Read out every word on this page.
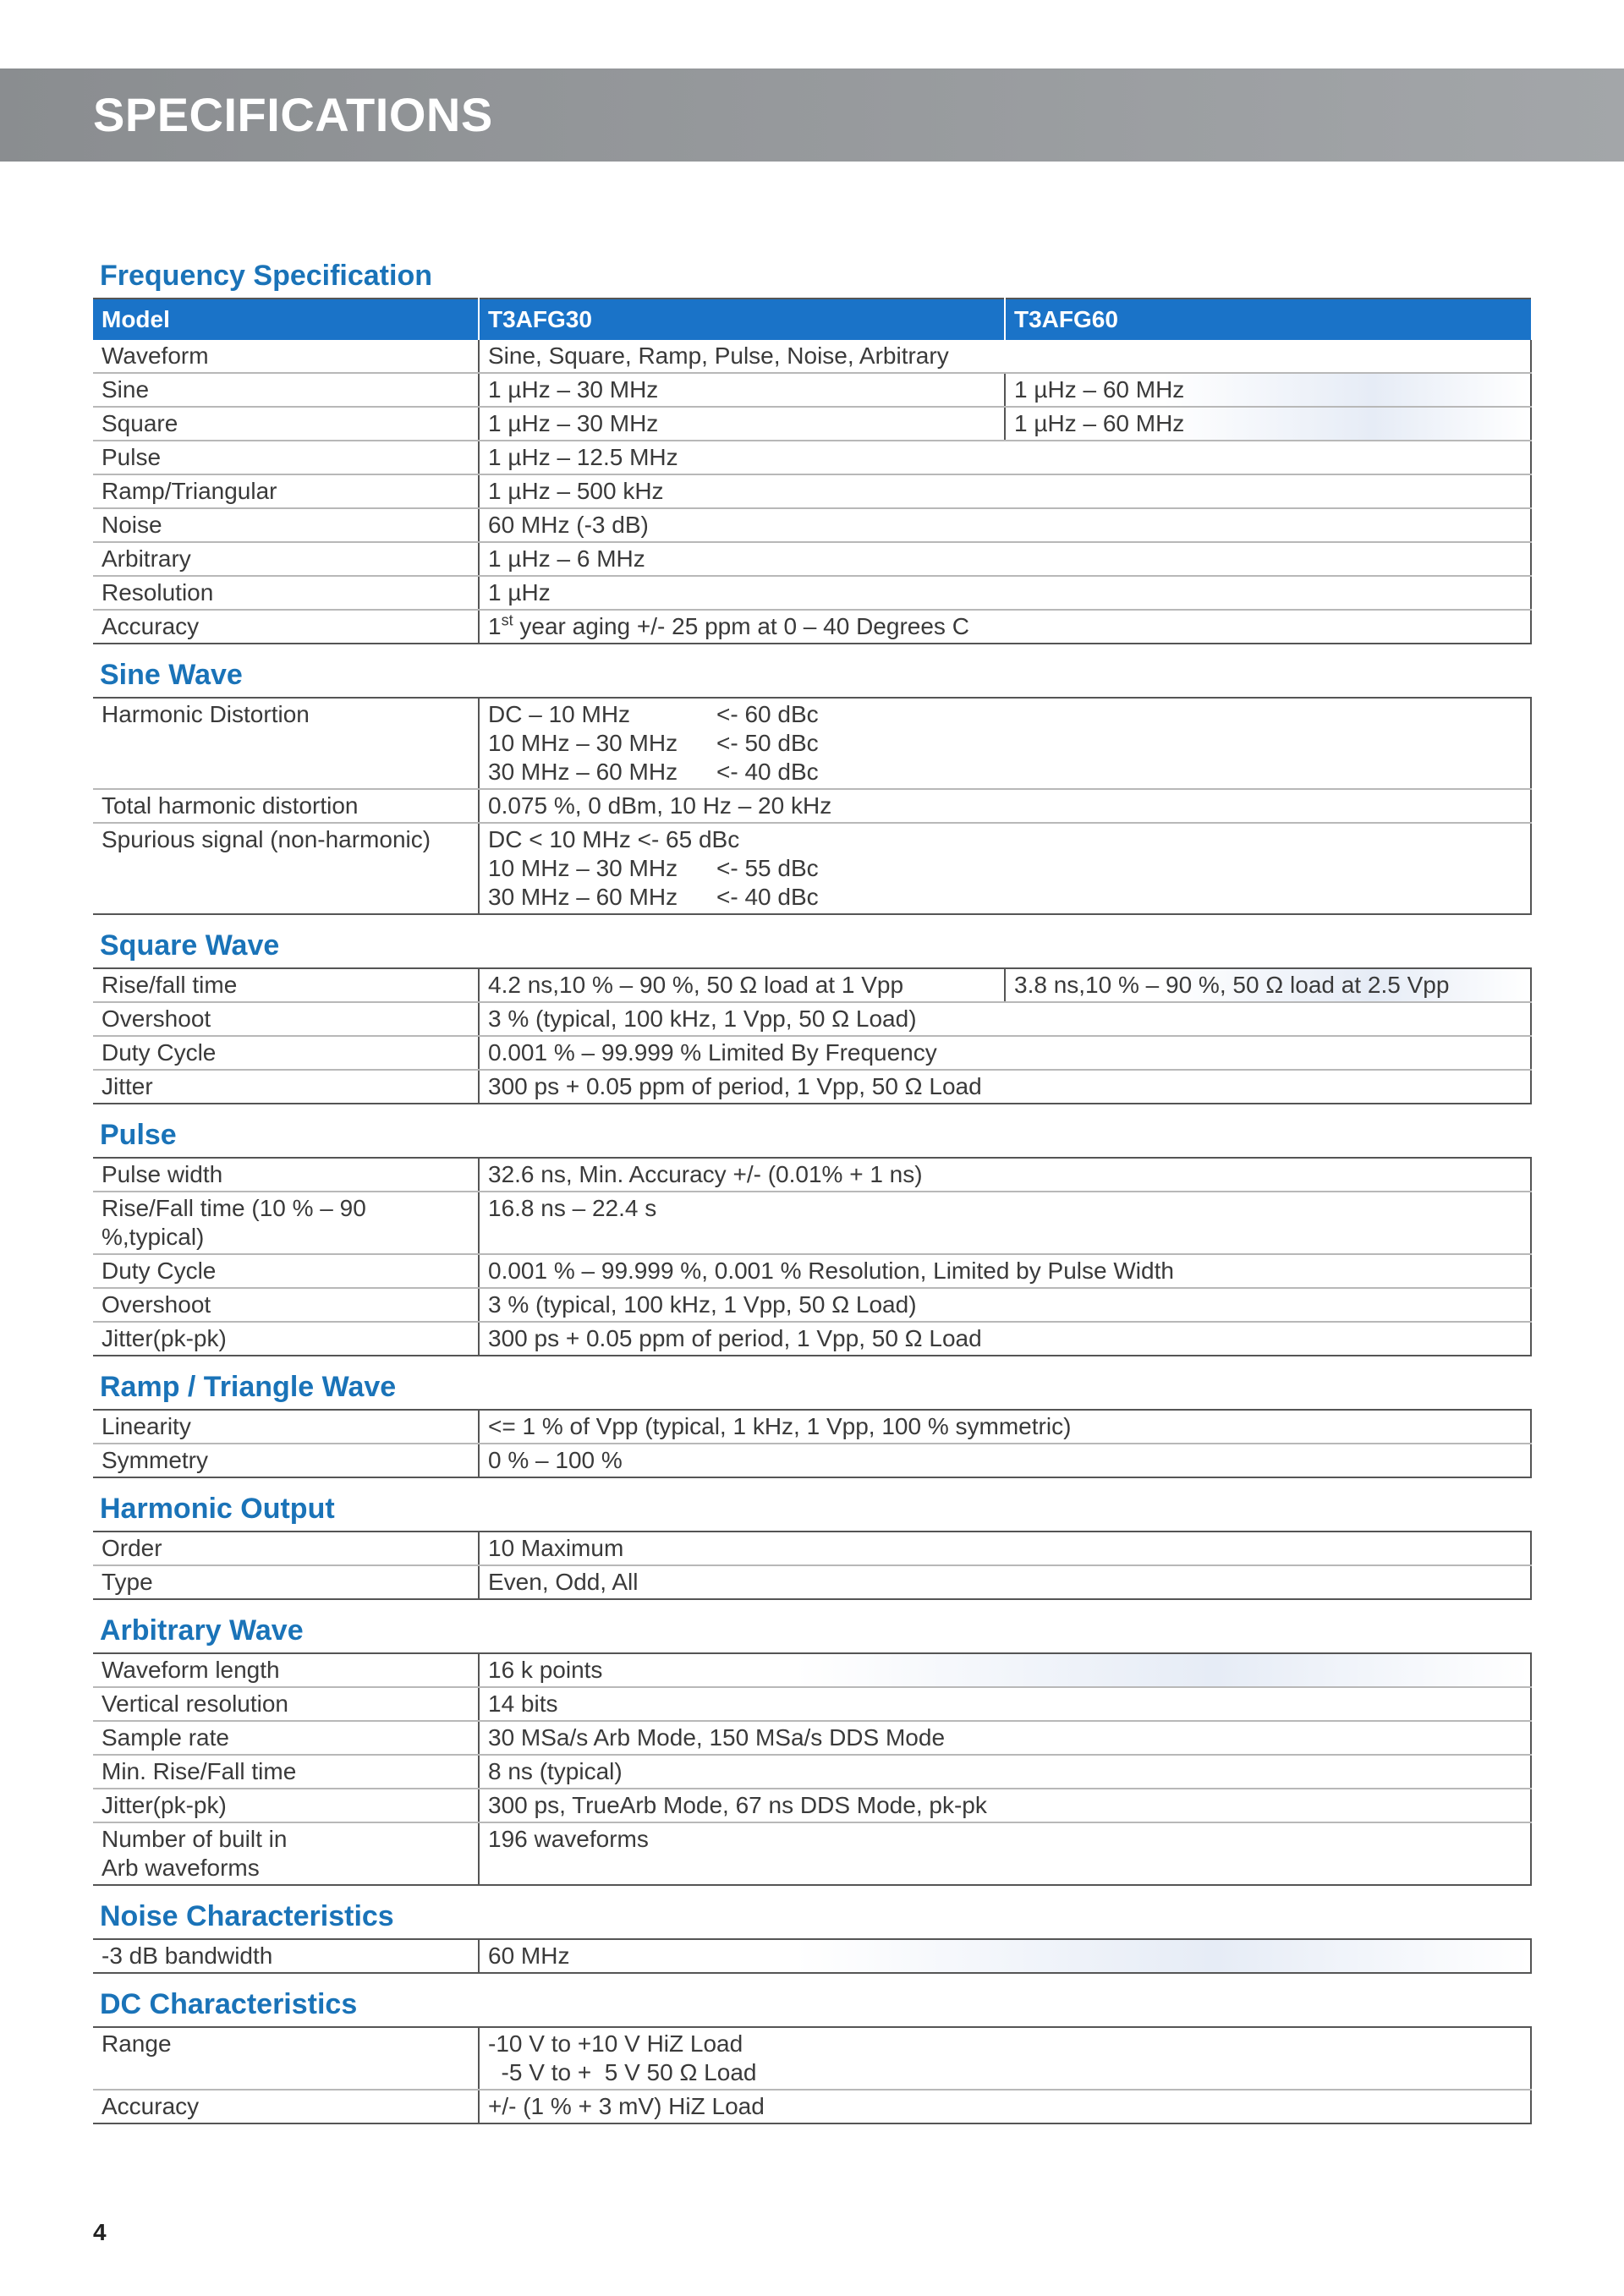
SPECIFICATIONS
Frequency Specification
Model	T3AFG30	T3AFG60
Waveform	Sine, Square, Ramp, Pulse, Noise, Arbitrary	
Sine	1 µHz – 30 MHz	1 µHz – 60 MHz
Square	1 µHz – 30 MHz	1 µHz – 60 MHz
Pulse	1 µHz – 12.5 MHz	
Ramp/Triangular	1 µHz – 500 kHz	
Noise	60 MHz (-3 dB)	
Arbitrary	1 µHz – 6 MHz	
Resolution	1 µHz	
Accuracy	1st year aging +/- 25 ppm at 0 – 40 Degrees C	
Sine Wave
Harmonic Distortion	DC – 10 MHz <- 60 dBc
10 MHz – 30 MHz <- 50 dBc
30 MHz – 60 MHz <- 40 dBc

Total harmonic distortion	0.075 %, 0 dBm, 10 Hz – 20 kHz
Spurious signal (non-harmonic)	DC < 10 MHz <- 65 dBc
10 MHz – 30 MHz <- 55 dBc
30 MHz – 60 MHz <- 40 dBc
Square Wave
Rise/fall time	4.2 ns,10 % – 90 %, 50 Ω load at 1 Vpp	3.8 ns,10 % – 90 %, 50 Ω load at 2.5 Vpp
Overshoot	3 % (typical, 100 kHz, 1 Vpp, 50 Ω Load)	
Duty Cycle	0.001 % – 99.999 % Limited By Frequency	
Jitter	300 ps + 0.05 ppm of period, 1 Vpp, 50 Ω Load	
Pulse
Pulse width	32.6 ns, Min. Accuracy +/- (0.01% + 1 ns)
Rise/Fall time (10 % – 90 %,typical)	16.8 ns – 22.4 s
Duty Cycle	0.001 % – 99.999 %, 0.001 % Resolution, Limited by Pulse Width
Overshoot	3 % (typical, 100 kHz, 1 Vpp, 50 Ω Load)
Jitter(pk-pk)	300 ps + 0.05 ppm of period, 1 Vpp, 50 Ω Load
Ramp / Triangle Wave
Linearity	<= 1 % of Vpp (typical, 1 kHz, 1 Vpp, 100 % symmetric)
Symmetry	0 % – 100 %
Harmonic Output
Order	10 Maximum
Type	Even, Odd, All
Arbitrary Wave
Waveform length	16 k points
Vertical resolution	14 bits
Sample rate	30 MSa/s Arb Mode, 150 MSa/s DDS Mode
Min. Rise/Fall time	8 ns (typical)
Jitter(pk-pk)	300 ps, TrueArb Mode, 67 ns DDS Mode, pk-pk

Number of built in
Arb waveforms	196 waveforms
Noise Characteristics
-3 dB bandwidth	60 MHz
DC Characteristics
Range	-10 V to +10 V HiZ Load
-5 V to +  5 V 50 Ω Load

Accuracy	+/- (1 % + 3 mV) HiZ Load
4
